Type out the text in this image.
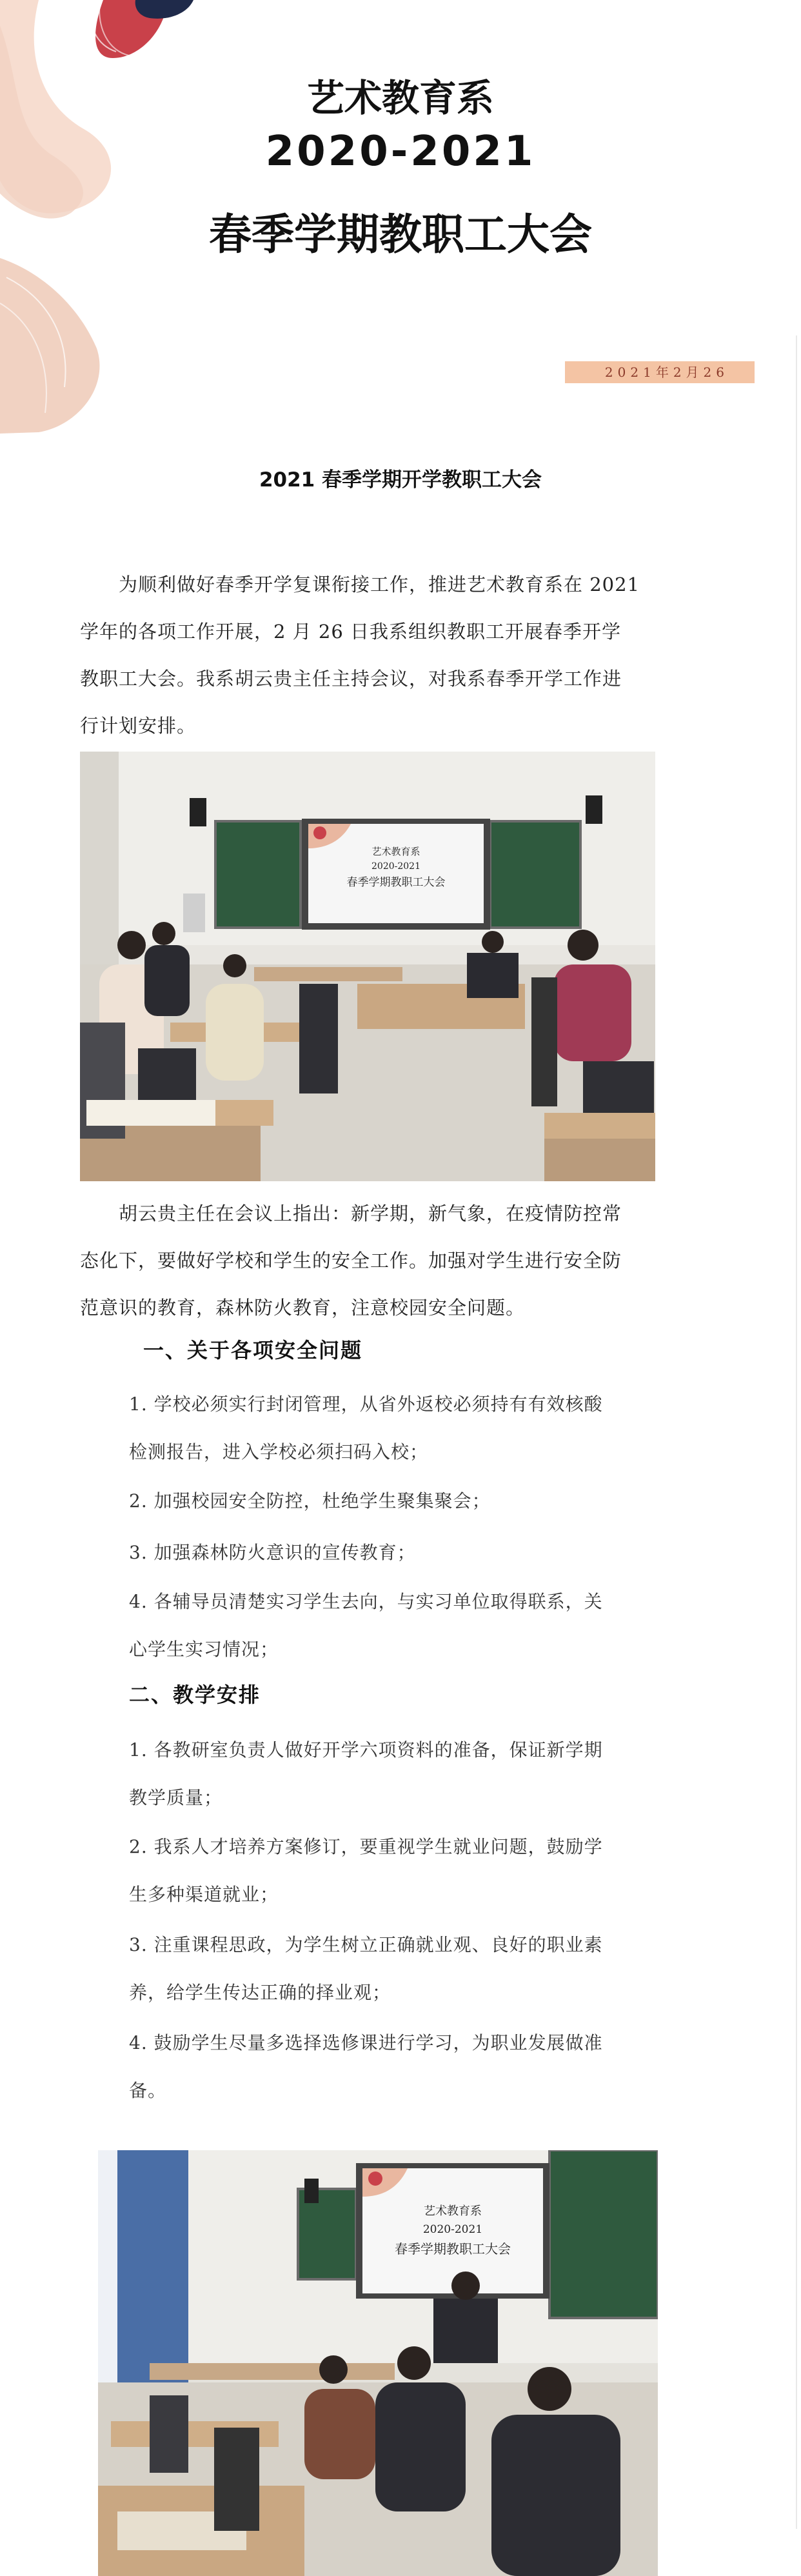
艺术教育系
2020-2021
春季学期教职工大会
2021年2月26
2021 春季学期开学教职工大会
为顺利做好春季开学复课衔接工作，推进艺术教育系在 2021
学年的各项工作开展，2 月 26 日我系组织教职工开展春季开学
教职工大会。我系胡云贵主任主持会议，对我系春季开学工作进
行计划安排。
艺术教育系
2020-2021
春季学期教职工大会
胡云贵主任在会议上指出：新学期，新气象，在疫情防控常
态化下，要做好学校和学生的安全工作。加强对学生进行安全防
范意识的教育，森林防火教育，注意校园安全问题。
一、关于各项安全问题
1. 学校必须实行封闭管理，从省外返校必须持有有效核酸
检测报告，进入学校必须扫码入校；
2. 加强校园安全防控，杜绝学生聚集聚会；
3. 加强森林防火意识的宣传教育；
4. 各辅导员清楚实习学生去向，与实习单位取得联系，关
心学生实习情况；
二、教学安排
1. 各教研室负责人做好开学六项资料的准备，保证新学期
教学质量；
2. 我系人才培养方案修订，要重视学生就业问题，鼓励学
生多种渠道就业；
3. 注重课程思政，为学生树立正确就业观、良好的职业素
养，给学生传达正确的择业观；
4. 鼓励学生尽量多选择选修课进行学习，为职业发展做准
备。
艺术教育系
2020-2021
春季学期教职工大会
